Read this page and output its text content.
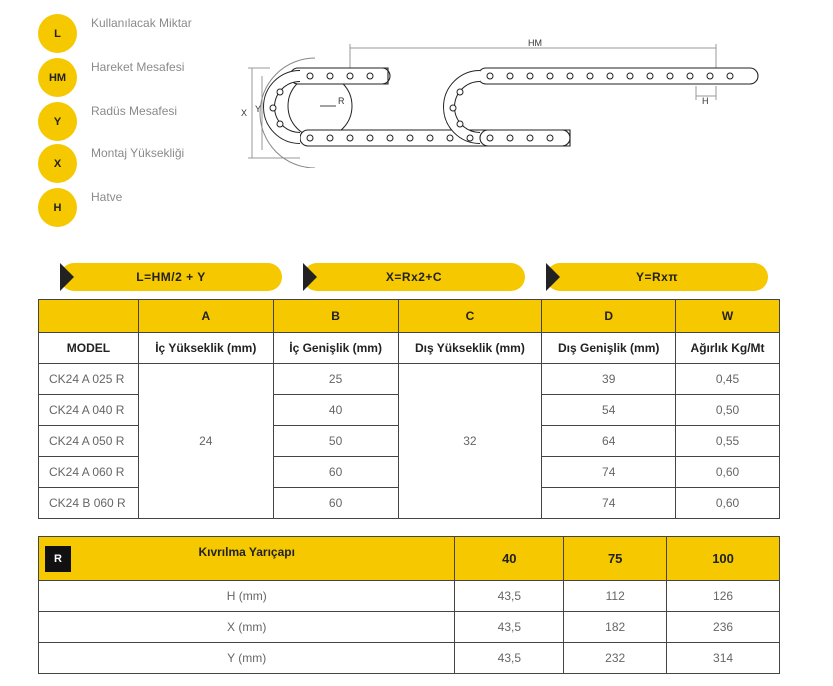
L
Kullanılacak Miktar
HM
Hareket Mesafesi
Y
Radüs Mesafesi
X
Montaj Yüksekliği
H
Hatve
HM
H
R
X Y
L=HM/2 + Y	X=Rx2+C	Y=Rxπ
	A	B	C	D	W
MODEL	İç Yükseklik (mm)	İç Genişlik (mm)	Dış Yükseklik (mm)	Dış Genişlik (mm)	Ağırlık Kg/Mt
CK24 A 025 R	24	25	32	39	0,45
CK24 A 040 R		40		54	0,50
CK24 A 050 R		50		64	0,55
CK24 A 060 R		60		74	0,60
CK24 B 060 R		60		74	0,60
R Kıvrılma Yarıçapı	40	75	100
H (mm)	43,5	112	126
X (mm)	43,5	182	236
Y (mm)	43,5	232	314
